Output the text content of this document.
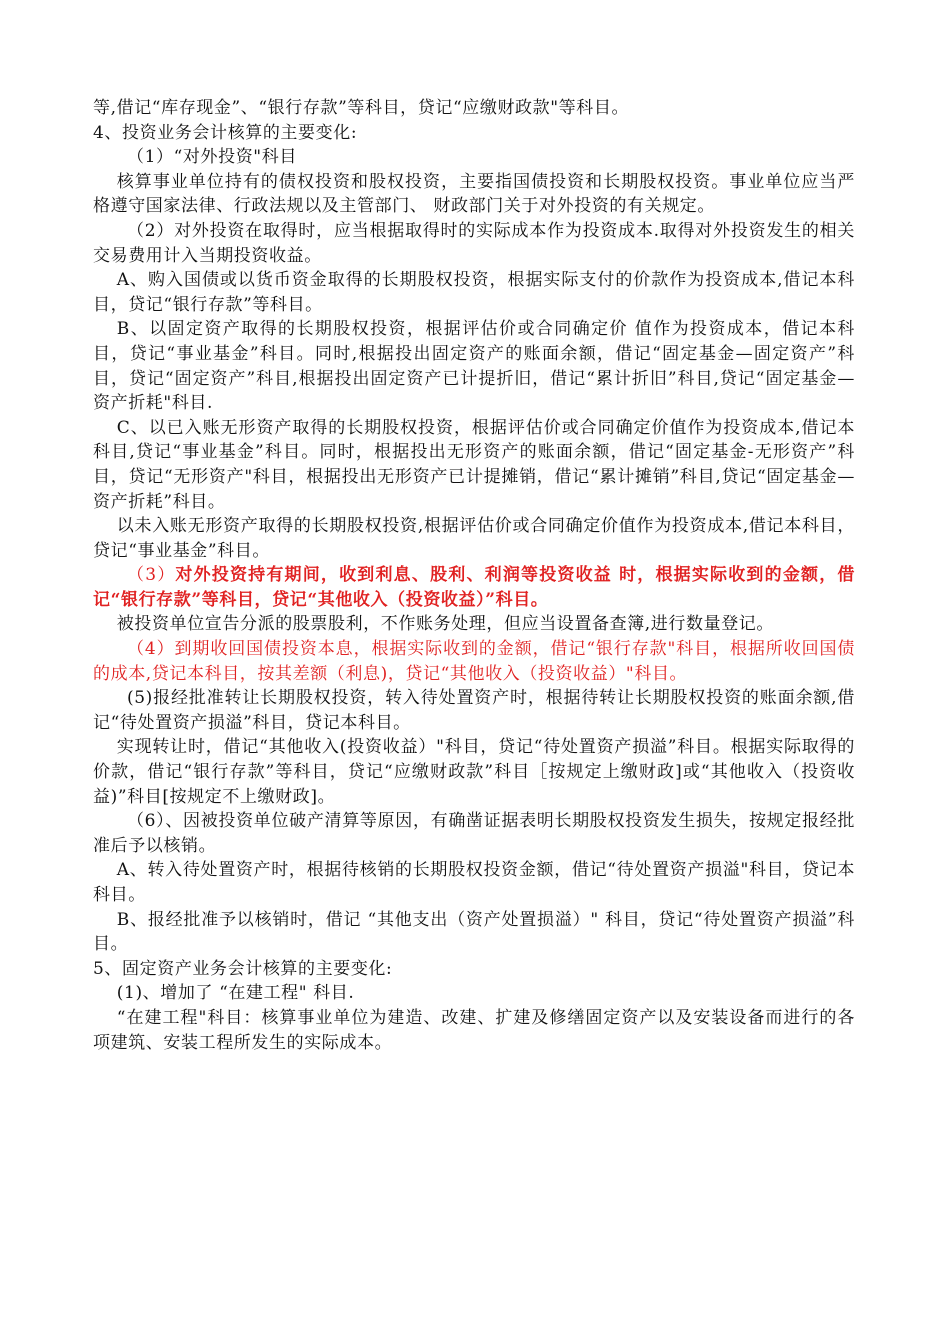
等,借记“库存现金”、“银行存款”等科目，贷记“应缴财政款"等科目。

4、投资业务会计核算的主要变化:

（1）“对外投资"科目

核算事业单位持有的债权投资和股权投资，主要指国债投资和长期股权投资。事业单位应当严格遵守国家法律、行政法规以及主管部门、 财政部门关于对外投资的有关规定。

（2）对外投资在取得时，应当根据取得时的实际成本作为投资成本.取得对外投资发生的相关交易费用计入当期投资收益。

A、购入国债或以货币资金取得的长期股权投资，根据实际支付的价款作为投资成本,借记本科目，贷记“银行存款”等科目。

B、以固定资产取得的长期股权投资，根据评估价或合同确定价 值作为投资成本，借记本科目，贷记“事业基金”科目。同时,根据投出固定资产的账面余额，借记“固定基金—固定资产”科目，贷记“固定资产”科目,根据投出固定资产已计提折旧，借记“累计折旧”科目,贷记“固定基金—资产折耗"科目.

C、以已入账无形资产取得的长期股权投资，根据评估价或合同确定价值作为投资成本,借记本科目,贷记“事业基金”科目。同时，根据投出无形资产的账面余额，借记“固定基金-无形资产”科目，贷记“无形资产"科目，根据投出无形资产已计提摊销，借记“累计摊销”科目,贷记“固定基金—资产折耗”科目。

以未入账无形资产取得的长期股权投资,根据评估价或合同确定价值作为投资成本,借记本科目，贷记“事业基金”科目。

（3）对外投资持有期间，收到利息、股利、利润等投资收益 时，根据实际收到的金额，借记“银行存款”等科目，贷记“其他收入（投资收益）”科目。

被投资单位宣告分派的股票股利，不作账务处理，但应当设置备查簿,进行数量登记。

（4）到期收回国债投资本息，根据实际收到的金额，借记“银行存款"科目，根据所收回国债的成本,贷记本科目，按其差额（利息)，贷记“其他收入（投资收益）"科目。

(5)报经批准转让长期股权投资，转入待处置资产时，根据待转让长期股权投资的账面余额,借记“待处置资产损溢”科目，贷记本科目。

实现转让时，借记“其他收入(投资收益）"科目，贷记“待处置资产损溢”科目。根据实际取得的价款，借记“银行存款”等科目，贷记“应缴财政款”科目［按规定上缴财政]或“其他收入（投资收益)”科目[按规定不上缴财政]。

（6）、因被投资单位破产清算等原因，有确凿证据表明长期股权投资发生损失，按规定报经批准后予以核销。

A、转入待处置资产时，根据待核销的长期股权投资金额，借记“待处置资产损溢"科目，贷记本科目。

B、报经批准予以核销时，借记 “其他支出（资产处置损溢）" 科目，贷记“待处置资产损溢”科目。

5、固定资产业务会计核算的主要变化:

(1)、增加了 “在建工程" 科目.

“在建工程"科目：核算事业单位为建造、改建、扩建及修缮固定资产以及安装设备而进行的各项建筑、安装工程所发生的实际成本。
